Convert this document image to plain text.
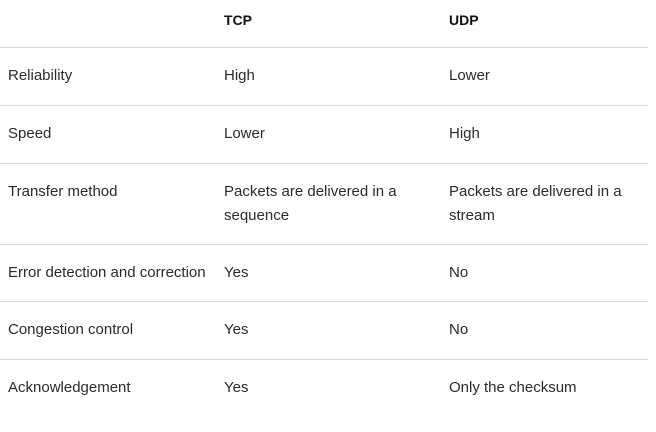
	TCP	UDP
Reliability	High	Lower
Speed	Lower	High
Transfer method	Packets are delivered in a sequence	Packets are delivered in a stream
Error detection and correction	Yes	No
Congestion control	Yes	No
Acknowledgement	Yes	Only the checksum
